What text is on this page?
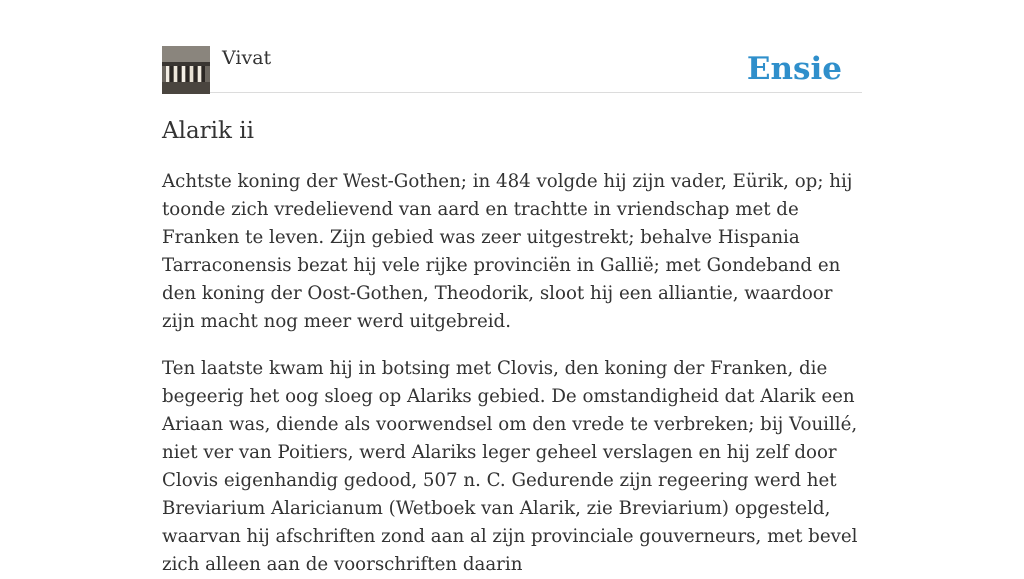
Vivat	Ensie
Alarik ii

Achtste koning der West-Gothen; in 484 volgde hij zijn vader, Eürik, op; hij toonde zich vredelievend van aard en trachtte in vriendschap met de Franken te leven. Zijn gebied was zeer uitgestrekt; behalve Hispania Tarraconensis bezat hij vele rijke provinciën in Gallië; met Gondeband en den koning der Oost-Gothen, Theodorik, sloot hij een alliantie, waardoor zijn macht nog meer werd uitgebreid.

Ten laatste kwam hij in botsing met Clovis, den koning der Franken, die begeerig het oog sloeg op Alariks gebied. De omstandigheid dat Alarik een Ariaan was, diende als voorwendsel om den vrede te verbreken; bij Vouillé, niet ver van Poitiers, werd Alariks leger geheel verslagen en hij zelf door Clovis eigenhandig gedood, 507 n. C. Gedurende zijn regeering werd het Breviarium Alaricianum (Wetboek van Alarik, zie Breviarium) opgesteld, waarvan hij afschriften zond aan al zijn provinciale gouverneurs, met bevel zich alleen aan de voorschriften daarin
